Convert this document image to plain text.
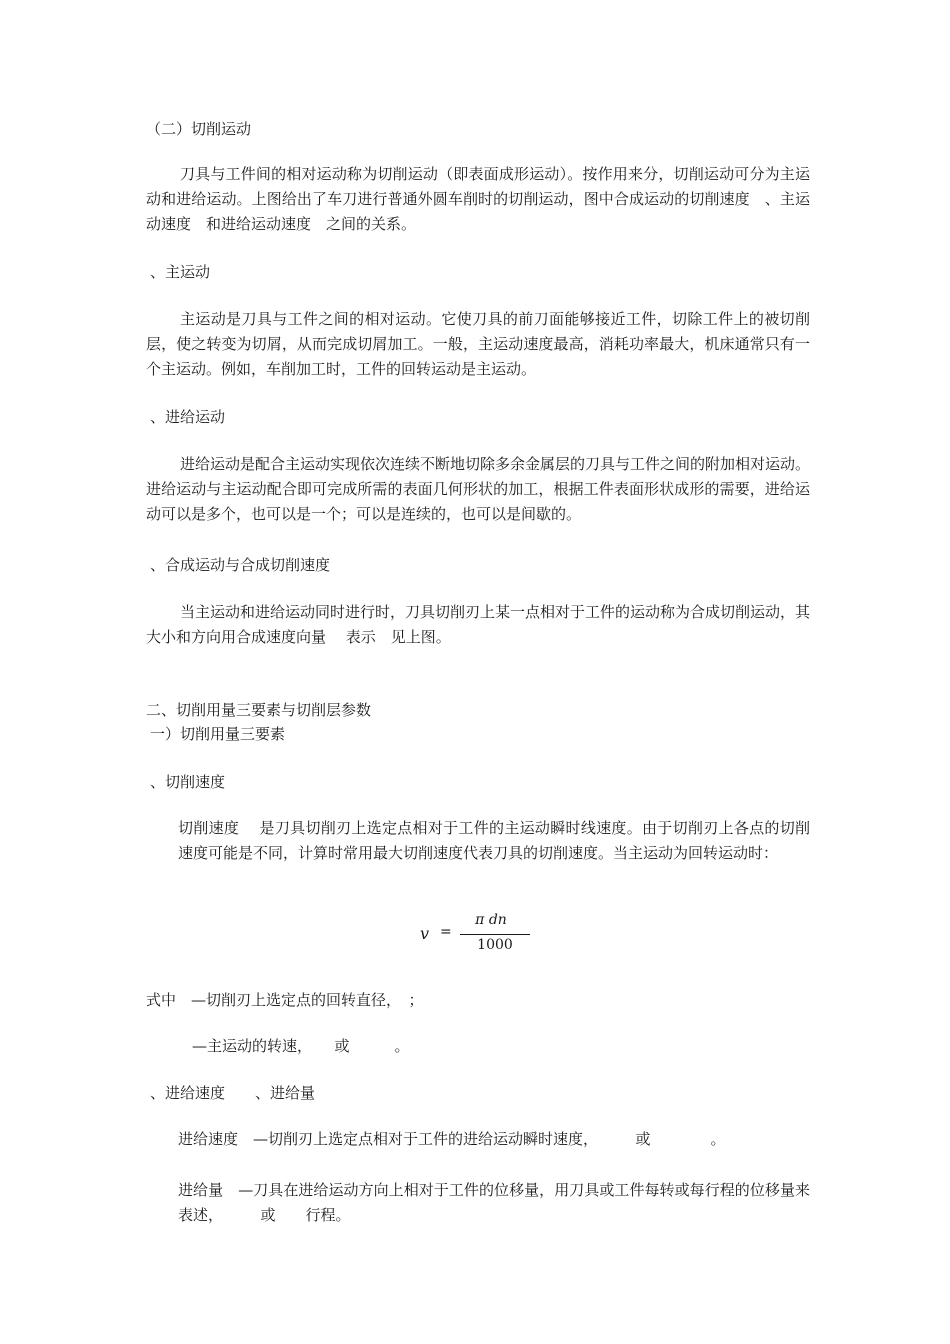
（二）切削运动

刀具与工件间的相对运动称为切削运动（即表面成形运动）。按作用来分，切削运动可分为主运动和进给运动。上图给出了车刀进行普通外圆车削时的切削运动，图中合成运动的切削速度　、主运动速度　和进给运动速度　之间的关系。

、主运动

主运动是刀具与工件之间的相对运动。它使刀具的前刀面能够接近工件，切除工件上的被切削层，使之转变为切屑，从而完成切屑加工。一般，主运动速度最高，消耗功率最大，机床通常只有一个主运动。例如，车削加工时，工件的回转运动是主运动。

、进给运动

进给运动是配合主运动实现依次连续不断地切除多余金属层的刀具与工件之间的附加相对运动。进给运动与主运动配合即可完成所需的表面几何形状的加工，根据工件表面形状成形的需要，进给运动可以是多个，也可以是一个；可以是连续的，也可以是间歇的。

、合成运动与合成切削速度

当主运动和进给运动同时进行时，刀具切削刃上某一点相对于工件的运动称为合成切削运动，其大小和方向用合成速度向量　 表示　见上图。

二、切削用量三要素与切削层参数
一）切削用量三要素
、切削速度

切削速度　 是刀具切削刃上选定点相对于工件的主运动瞬时线速度。由于切削刃上各点的切削速度可能是不同，计算时常用最大切削速度代表刀具的切削速度。当主运动为回转运动时：

v =
π dn
1000
式中　—切削刃上选定点的回转直径，　；
—主运动的转速，　　或　　　。
、进给速度　　、进给量
进给速度　—切削刃上选定点相对于工件的进给运动瞬时速度，　　　或　　　　。

进给量　—刀具在进给运动方向上相对于工件的位移量，用刀具或工件每转或每行程的位移量来表述，　　　或　　行程。
